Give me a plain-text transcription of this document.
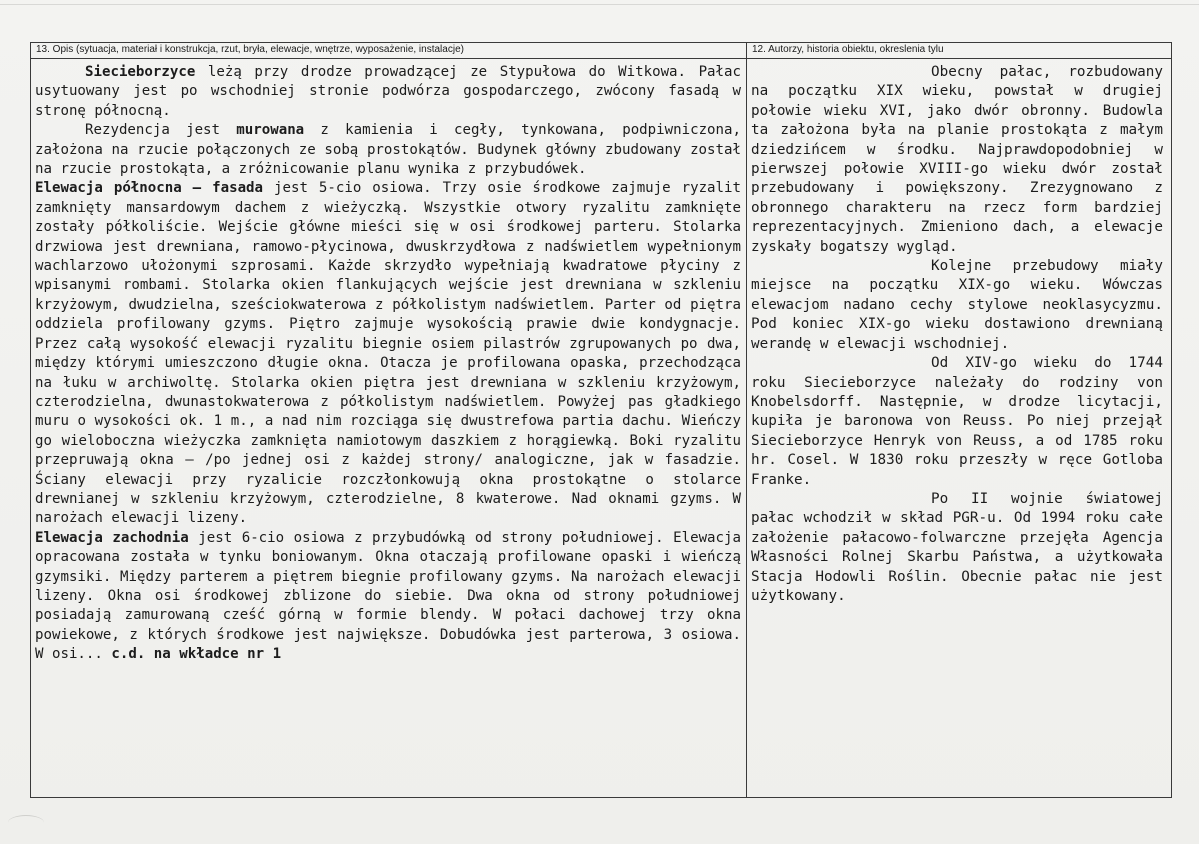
13. Opis (sytuacja, materiał i konstrukcja, rzut, bryła, elewacje, wnętrze, wyposażenie, instalacje)

Siecieborzyce leżą przy drodze prowadzącej ze Stypułowa do Witkowa. Pałac usytuowany jest po wschodniej stronie podwórza gospodarczego, zwócony fasadą w stronę północną.

Rezydencja jest murowana z kamienia i cegły, tynkowana, podpiwniczona, założona na rzucie połączonych ze sobą prostokątów. Budynek główny zbudowany został na rzucie prostokąta, a zróżnicowanie planu wynika z przybudówek.

Elewacja północna – fasada jest 5-cio osiowa. Trzy osie środkowe zajmuje ryzalit zamknięty mansardowym dachem z wieżyczką. Wszystkie otwory ryzalitu zamknięte zostały półkoliście. Wejście główne mieści się w osi środkowej parteru. Stolarka drzwiowa jest drewniana, ramowo-płycinowa, dwuskrzydłowa z nadświetlem wypełnionym wachlarzowo ułożonymi szprosami. Każde skrzydło wypełniają kwadratowe płyciny z wpisanymi rombami. Stolarka okien flankujących wejście jest drewniana w szkleniu krzyżowym, dwudzielna, sześciokwaterowa z półkolistym nadświetlem. Parter od piętra oddziela profilowany gzyms. Piętro zajmuje wysokością prawie dwie kondygnacje. Przez całą wysokość elewacji ryzalitu biegnie osiem pilastrów zgrupowanych po dwa, między którymi umieszczono długie okna. Otacza je profilowana opaska, przechodząca na łuku w archiwoltę. Stolarka okien piętra jest drewniana w szkleniu krzyżowym, czterodzielna, dwunastokwaterowa z półkolistym nadświetlem. Powyżej pas gładkiego muru o wysokości ok. 1 m., a nad nim rozciąga się dwustrefowa partia dachu. Wieńczy go wieloboczna wieżyczka zamknięta namiotowym daszkiem z horągiewką. Boki ryzalitu przepruwają okna – /po jednej osi z każdej strony/ analogiczne, jak w fasadzie. Ściany elewacji przy ryzalicie rozczłonkowują okna prostokątne o stolarce drewnianej w szkleniu krzyżowym, czterodzielne, 8 kwaterowe. Nad oknami gzyms. W narożach elewacji lizeny.

Elewacja zachodnia jest 6-cio osiowa z przybudówką od strony południowej. Elewacja opracowana została w tynku boniowanym. Okna otaczają profilowane opaski i wieńczą gzymsiki. Między parterem a piętrem biegnie profilowany gzyms. Na narożach elewacji lizeny. Okna osi środkowej zblizone do siebie. Dwa okna od strony południowej posiadają zamurowaną cześć górną w formie blendy. W połaci dachowej trzy okna powiekowe, z których środkowe jest największe. Dobudówka jest parterowa, 3 osiowa. W osi... c.d. na wkładce nr 1

12. Autorzy, historia obiektu, okreslenia tylu

Obecny pałac, rozbudowany na początku XIX wieku, powstał w drugiej połowie wieku XVI, jako dwór obronny. Budowla ta założona była na planie prostokąta z małym dziedzińcem w środku. Najprawdopodobniej w pierwszej połowie XVIII-go wieku dwór został przebudowany i powiększony. Zrezygnowano z obronnego charakteru na rzecz form bardziej reprezentacyjnych. Zmieniono dach, a elewacje zyskały bogatszy wygląd.

Kolejne przebudowy miały miejsce na początku XIX-go wieku. Wówczas elewacjom nadano cechy stylowe neoklasycyzmu. Pod koniec XIX-go wieku dostawiono drewnianą werandę w elewacji wschodniej.

Od XIV-go wieku do 1744 roku Siecieborzyce należały do rodziny von Knobelsdorff. Następnie, w drodze licytacji, kupiła je baronowa von Reuss. Po niej przejął Siecieborzyce Henryk von Reuss, a od 1785 roku hr. Cosel. W 1830 roku przeszły w ręce Gotloba Franke.

Po II wojnie światowej pałac wchodził w skład PGR-u. Od 1994 roku całe założenie pałacowo-folwarczne przejęła Agencja Własności Rolnej Skarbu Państwa, a użytkowała Stacja Hodowli Roślin. Obecnie pałac nie jest użytkowany.
